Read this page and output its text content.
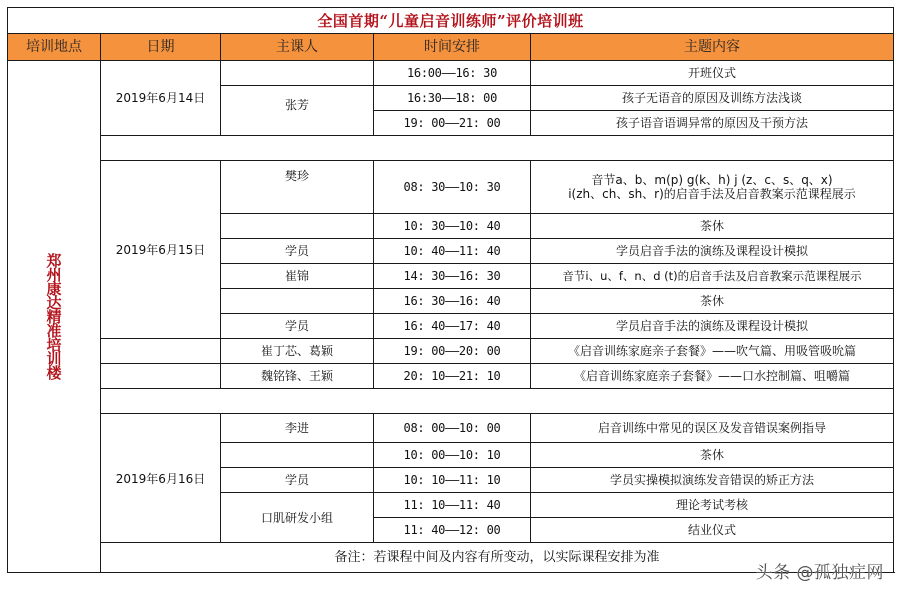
全国首期“儿童启音训练师”评价培训班				
培训地点	日期	主课人	时间安排	主题内容

郑
州
康
达
精
准
培
训
楼
	2019年6月14日		16:00——16: 30	开班仪式
		张芳	16:30——18: 00	孩子无语音的原因及训练方法浅谈
			19: 00——21: 00	孩子语音语调异常的原因及干预方法

	2019年6月15日	樊珍	08: 30——10: 30	音节a、b、m(p) g(k、h) j (z、c、s、q、x)
i(zh、ch、sh、r)的启音手法及启音教案示范课程展示

			10: 30——10: 40	茶休
		学员	10: 40——11: 40	学员启音手法的演练及课程设计模拟
		崔锦	14: 30——16: 30	音节i、u、f、n、d (t)的启音手法及启音教案示范课程展示
			16: 30——16: 40	茶休
		学员	16: 40——17: 40	学员启音手法的演练及课程设计模拟
		崔丁芯、葛颖	19: 00——20: 00	《启音训练家庭亲子套餐》——吹气篇、用吸管吸吮篇
		魏铭锋、王颖	20: 10——21: 10	《启音训练家庭亲子套餐》——口水控制篇、咀嚼篇

	2019年6月16日	李进	08: 00——10: 00	启音训练中常见的误区及发音错误案例指导
			10: 00——10: 10	茶休
		学员	10: 10——11: 10	学员实操模拟演练发音错误的矫正方法
		口肌研发小组	11: 10——11: 40	理论考试考核
			11: 40——12: 00	结业仪式
	备注：若课程中间及内容有所变动，以实际课程安排为准			
头条 @孤独症网
